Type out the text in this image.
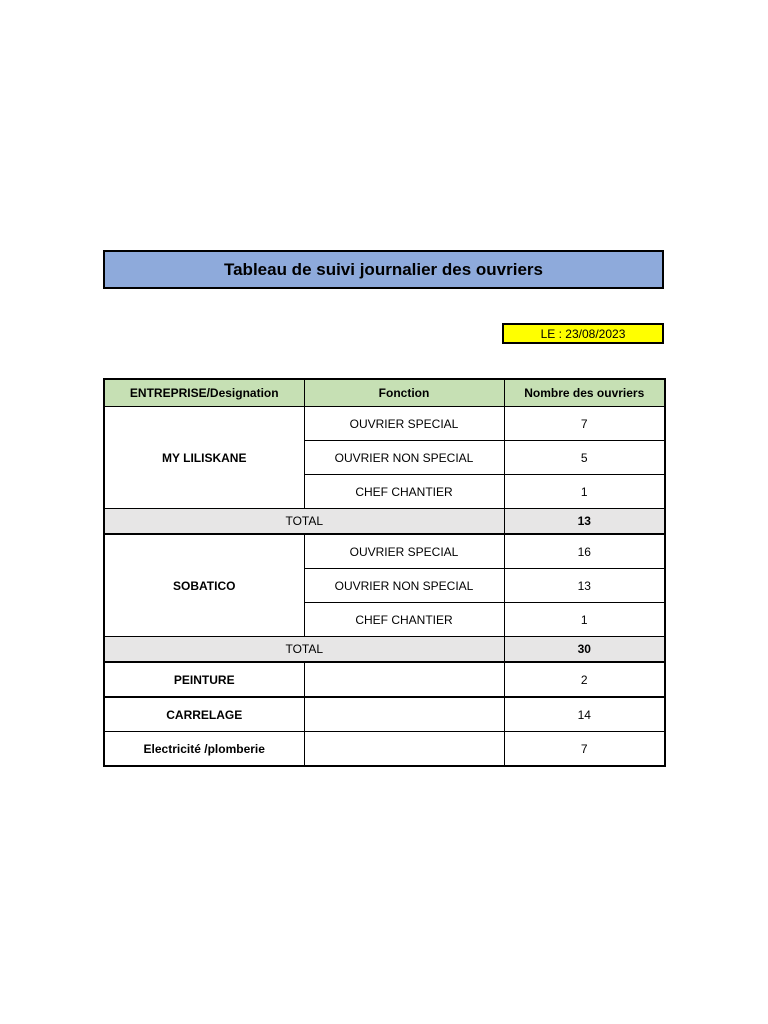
Tableau de suivi journalier des ouvriers
LE : 23/08/2023
ENTREPRISE/Designation	Fonction	Nombre des ouvriers
MY LILISKANE	OUVRIER SPECIAL	7
	OUVRIER NON SPECIAL	5
	CHEF CHANTIER	1
TOTAL		13
SOBATICO	OUVRIER SPECIAL	16
	OUVRIER NON SPECIAL	13
	CHEF CHANTIER	1
TOTAL		30
PEINTURE		2
CARRELAGE		14
Electricité /plomberie		7
